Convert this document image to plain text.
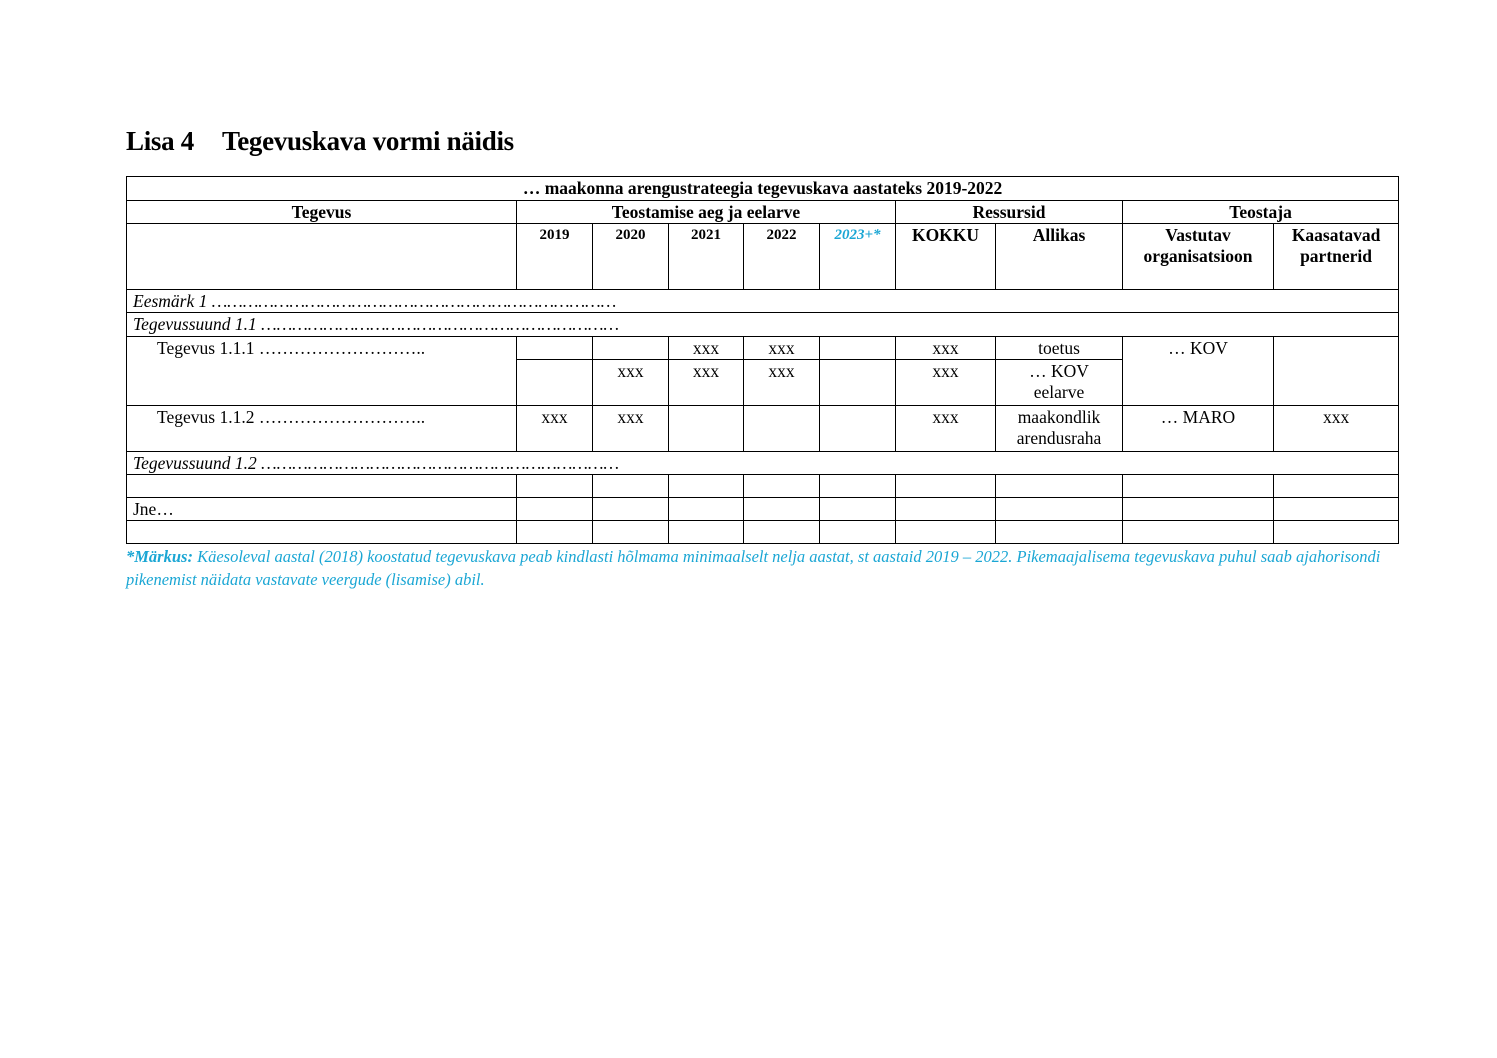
Lisa 4 Tegevuskava vormi näidis
… maakonna arengustrateegia tegevuskava aastateks 2019-2022									
Tegevus	Teostamise aeg ja eelarve					Ressursid		Teostaja	
	2019	2020	2021	2022	2023+*	KOKKU	Allikas	Vastutav organisatsioon	Kaasatavad partnerid
Eesmärk 1 ……………………………………………………………………									
Tegevussuund 1.1 ……………………………………………………………									
Tegevus 1.1.1 ………………………..			xxx	xxx		xxx	toetus	… KOV	
		xxx	xxx	xxx		xxx	… KOV eelarve		
Tegevus 1.1.2 ………………………..	xxx	xxx				xxx	maakondlik arendusraha	… MARO	xxx
Tegevussuund 1.2 ……………………………………………………………									

Jne…									

*Märkus: Käesoleval aastal (2018) koostatud tegevuskava peab kindlasti hõlmama minimaalselt nelja aastat, st aastaid 2019 – 2022. Pikemaajalisema tegevuskava puhul saab ajahorisondi pikenemist näidata vastavate veergude (lisamise) abil.
